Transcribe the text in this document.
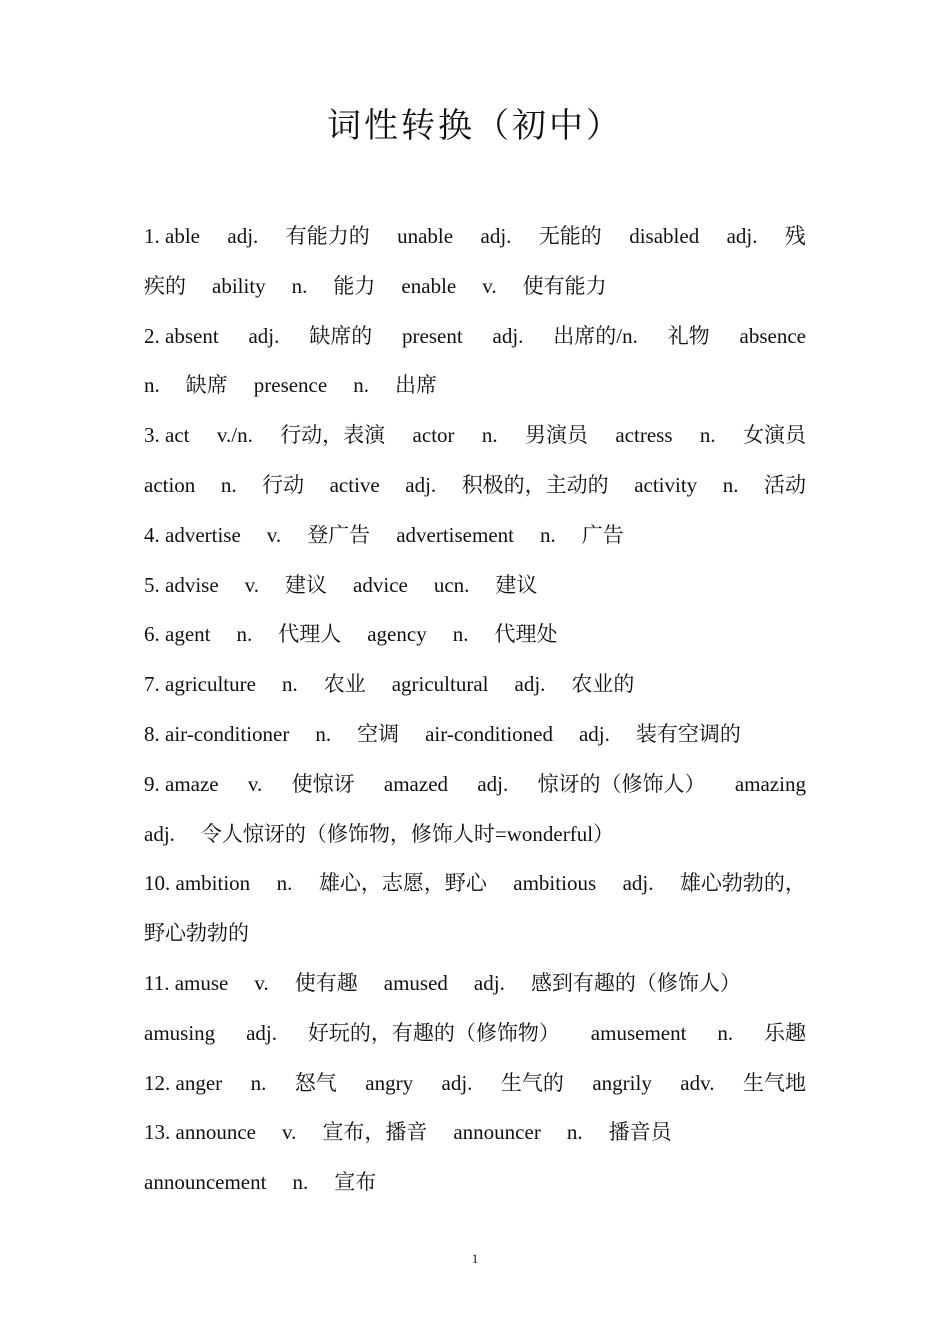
词性转换（初中）
1. able adj. 有能力的 unable adj. 无能的 disabled adj. 残
疾的 ability n. 能力 enable v. 使有能力
2. absent adj. 缺席的 present adj. 出席的/n. 礼物 absence
n. 缺席 presence n. 出席
3. act v./n. 行动，表演 actor n. 男演员 actress n. 女演员
action n. 行动 active adj. 积极的，主动的 activity n. 活动
4. advertise v. 登广告 advertisement n. 广告
5. advise v. 建议 advice ucn. 建议
6. agent n. 代理人 agency n. 代理处
7. agriculture n. 农业 agricultural adj. 农业的
8. air-conditioner n. 空调 air-conditioned adj. 装有空调的
9. amaze v. 使惊讶 amazed adj. 惊讶的（修饰人） amazing
adj. 令人惊讶的（修饰物，修饰人时=wonderful）
10. ambition n. 雄心，志愿，野心 ambitious adj. 雄心勃勃的，
野心勃勃的
11. amuse v. 使有趣 amused adj. 感到有趣的（修饰人）
amusing adj. 好玩的，有趣的（修饰物） amusement n. 乐趣
12. anger n. 怒气 angry adj. 生气的 angrily adv. 生气地
13. announce v. 宣布，播音 announcer n. 播音员
announcement n. 宣布
1
